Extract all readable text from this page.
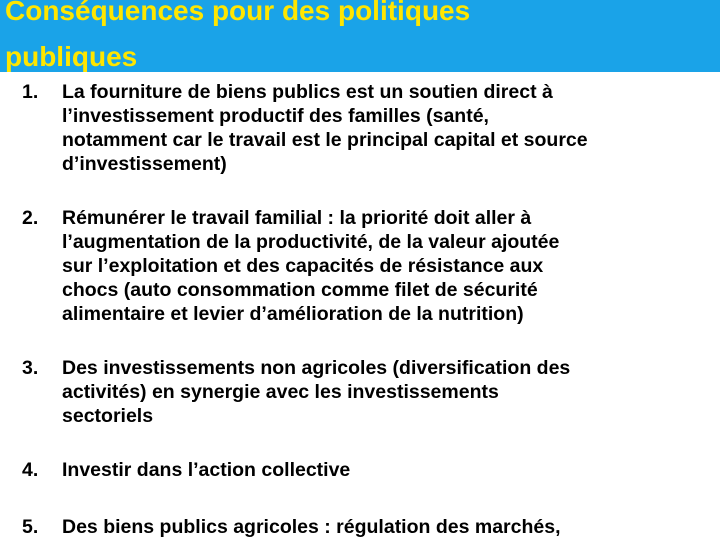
Conséquences pour des politiques
publiques
1. La fourniture de biens publics est un soutien direct à
l’investissement productif des familles (santé,
notamment car le travail est le principal capital et source
d’investissement)
2. Rémunérer le travail familial : la priorité doit aller à
l’augmentation de la productivité, de la valeur ajoutée
sur l’exploitation et des capacités de résistance aux
chocs (auto consommation comme filet de sécurité
alimentaire et levier d’amélioration de la nutrition)
3. Des investissements non agricoles (diversification des
activités) en synergie avec les investissements
sectoriels
4. Investir dans l’action collective
5. Des biens publics agricoles : régulation des marchés,
